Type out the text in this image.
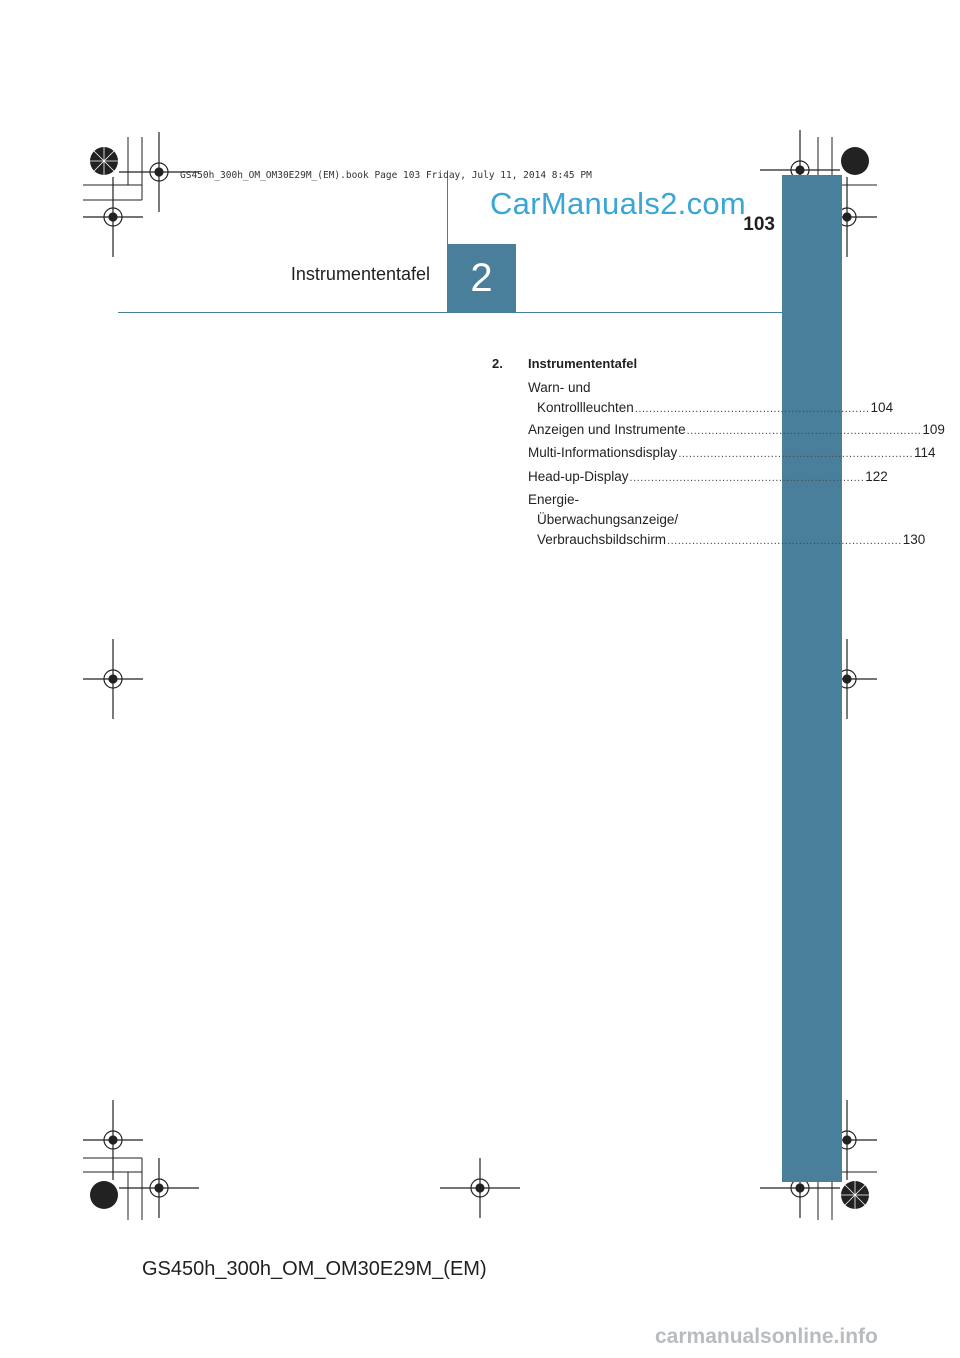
Instrumententafel	2
103
GS450h_300h_OM_OM30E29M_(EM).book Page 103 Friday, July 11, 2014 8:45 PM
CarManuals2.com
2. Instrumententafel
Warn- und
Kontrollleuchten .................................................................. 104
Anzeigen und Instrumente .................................................................. 109
Multi-Informationsdisplay .................................................................. 114
Head-up-Display .................................................................. 122
Energie-
Überwachungsanzeige/
Verbrauchsbildschirm .................................................................. 130
GS450h_300h_OM_OM30E29M_(EM)
carmanualsonline.info
